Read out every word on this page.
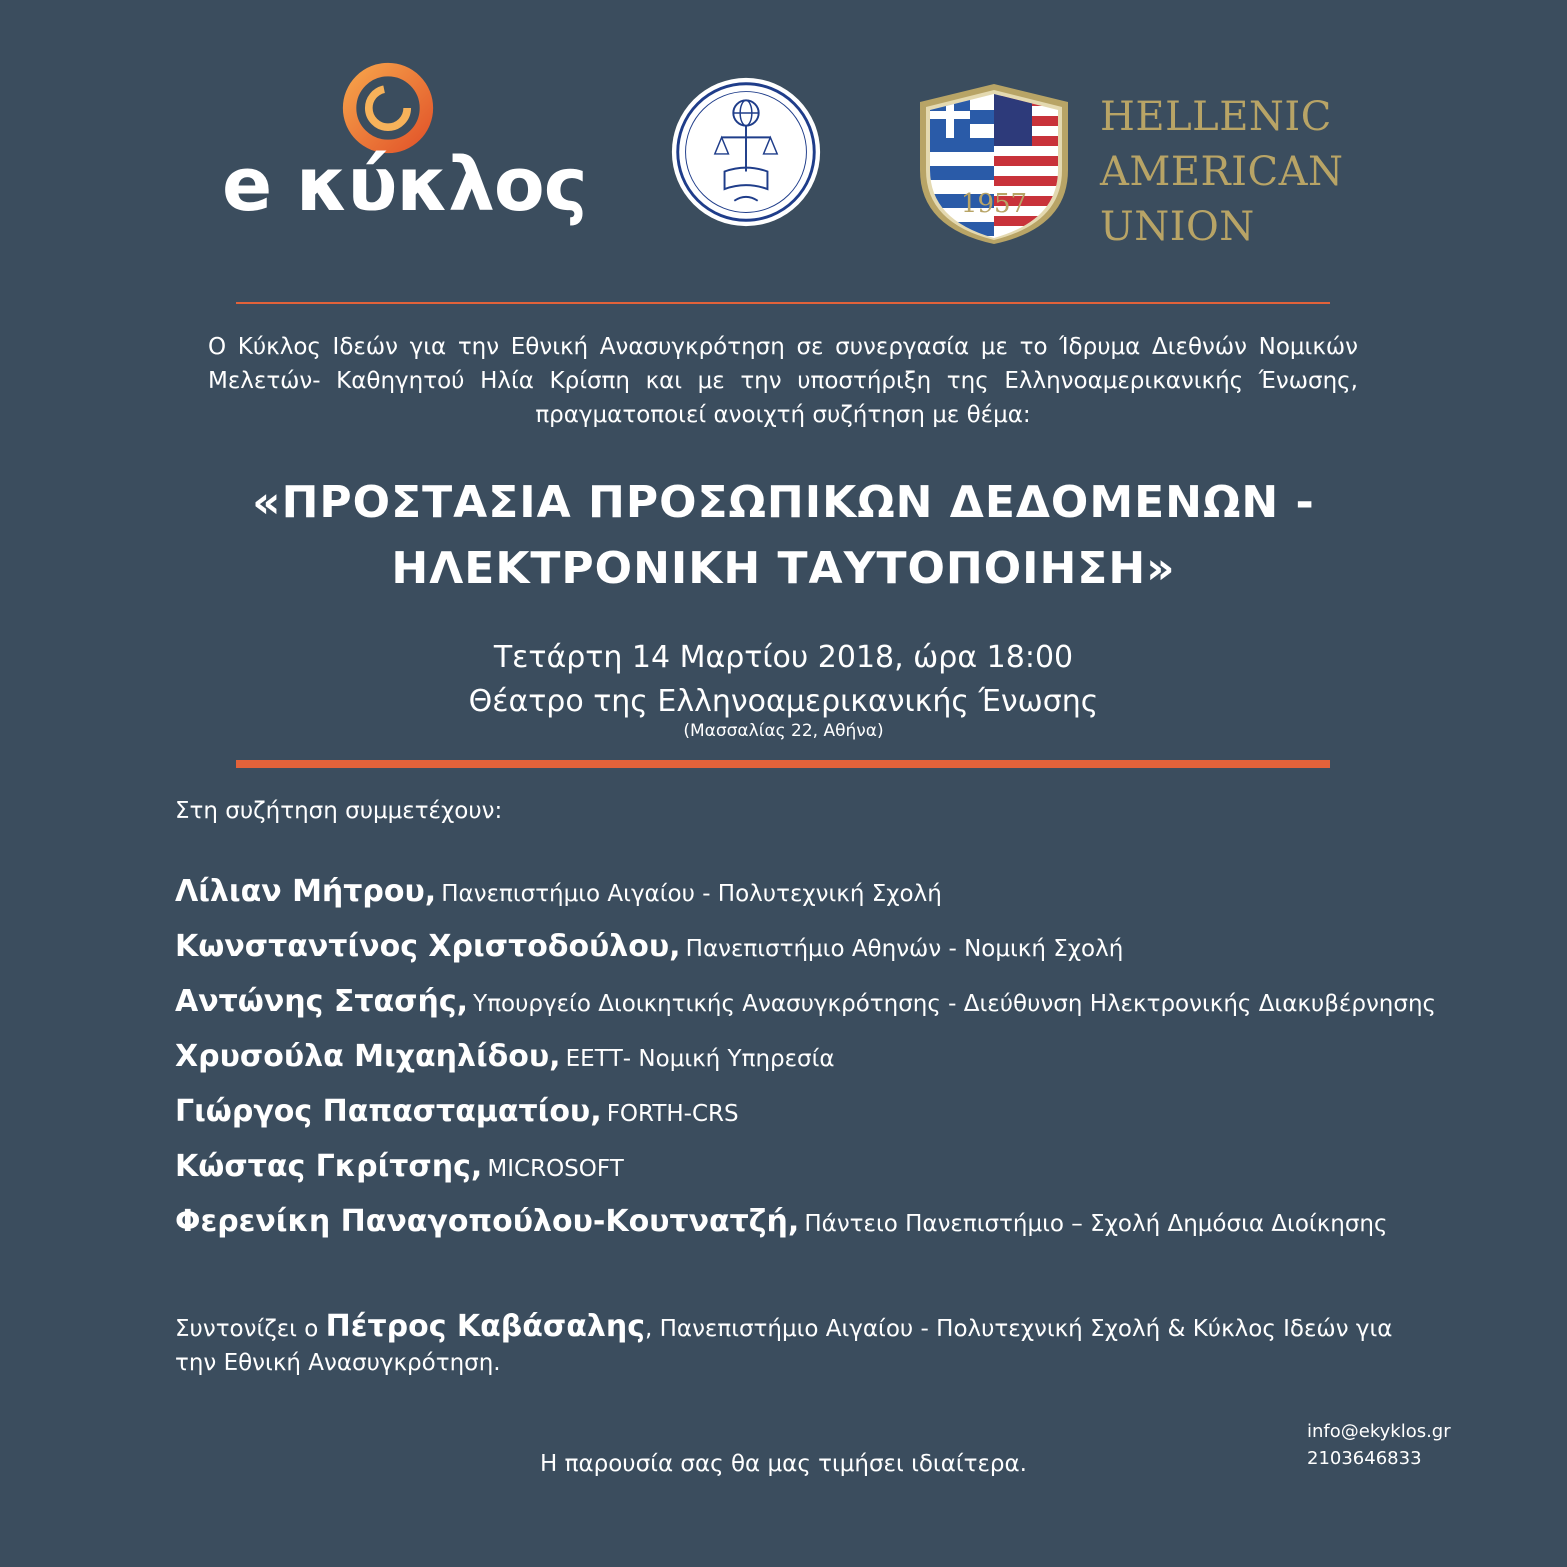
e κύκλος	1957
HELLENIC
AMERICAN
UNION
Ο Κύκλος Ιδεών για την Εθνική Ανασυγκρότηση σε συνεργασία με το Ίδρυμα Διεθνών Νομικών Μελετών- Καθηγητού Ηλία Κρίσπη και με την υποστήριξη της Ελληνοαμερικανικής Ένωσης, πραγματοποιεί ανοιχτή συζήτηση με θέμα:
«ΠΡΟΣΤΑΣΙΑ ΠΡΟΣΩΠΙΚΩΝ ΔΕΔΟΜΕΝΩΝ -
ΗΛΕΚΤΡΟΝΙΚΗ ΤΑΥΤΟΠΟΙΗΣΗ»
Τετάρτη 14 Μαρτίου 2018, ώρα 18:00
Θέατρο της Ελληνοαμερικανικής Ένωσης
(Μασσαλίας 22, Αθήνα)
Στη συζήτηση συμμετέχουν:
Λίλιαν Μήτρου, Πανεπιστήμιο Αιγαίου - Πολυτεχνική Σχολή
Κωνσταντίνος Χριστοδούλου, Πανεπιστήμιο Αθηνών - Νομική Σχολή
Αντώνης Στασής, Υπουργείο Διοικητικής Ανασυγκρότησης - Διεύθυνση Ηλεκτρονικής Διακυβέρνησης
Χρυσούλα Μιχαηλίδου, ΕΕΤΤ- Νομική Υπηρεσία
Γιώργος Παπασταματίου, FORTH-CRS
Κώστας Γκρίτσης, MICROSOFT
Φερενίκη Παναγοπούλου-Κουτνατζή, Πάντειο Πανεπιστήμιο – Σχολή Δημόσια Διοίκησης
Συντονίζει ο Πέτρος Καβάσαλης, Πανεπιστήμιο Αιγαίου - Πολυτεχνική Σχολή & Κύκλος Ιδεών για την Εθνική Ανασυγκρότηση.
Η παρουσία σας θα μας τιμήσει ιδιαίτερα.
info@ekyklos.gr
2103646833
